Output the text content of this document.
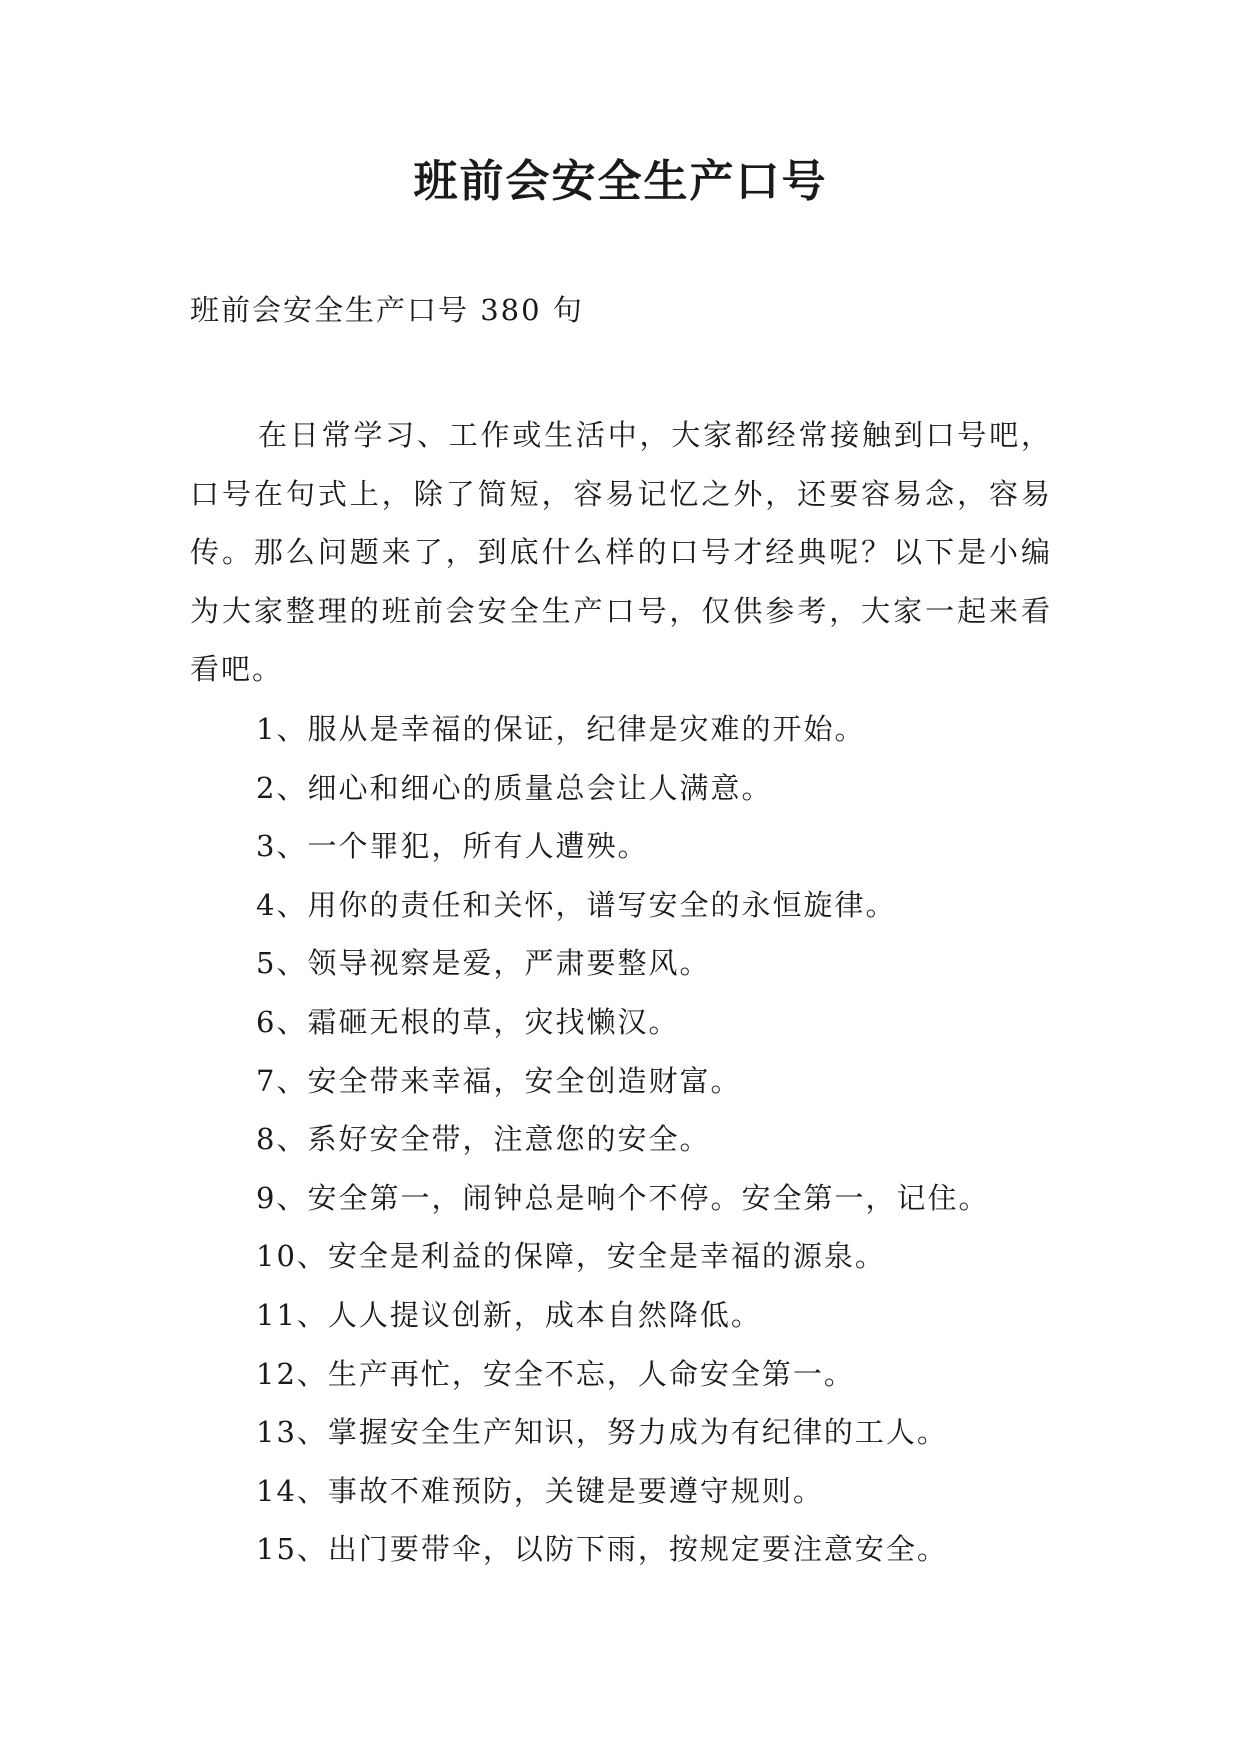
班前会安全生产口号

班前会安全生产口号 380 句

在日常学习、工作或生活中，大家都经常接触到口号吧，口号在句式上，除了简短，容易记忆之外，还要容易念，容易传。那么问题来了，到底什么样的口号才经典呢？以下是小编为大家整理的班前会安全生产口号，仅供参考，大家一起来看看吧。

1、服从是幸福的保证，纪律是灾难的开始。
2、细心和细心的质量总会让人满意。
3、一个罪犯，所有人遭殃。
4、用你的责任和关怀，谱写安全的永恒旋律。
5、领导视察是爱，严肃要整风。
6、霜砸无根的草，灾找懒汉。
7、安全带来幸福，安全创造财富。
8、系好安全带，注意您的安全。
9、安全第一，闹钟总是响个不停。安全第一，记住。
10、安全是利益的保障，安全是幸福的源泉。
11、人人提议创新，成本自然降低。
12、生产再忙，安全不忘，人命安全第一。
13、掌握安全生产知识，努力成为有纪律的工人。
14、事故不难预防，关键是要遵守规则。
15、出门要带伞，以防下雨，按规定要注意安全。
